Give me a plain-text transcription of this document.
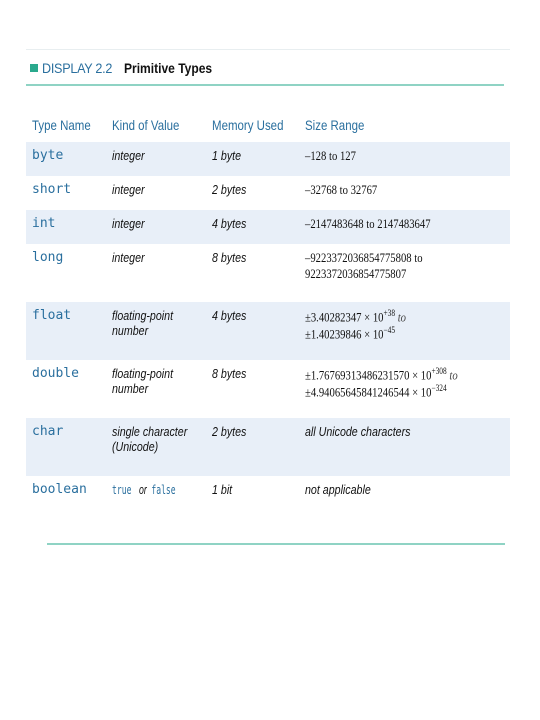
DISPLAY 2.2 Primitive Types
Type Name	Kind of Value	Memory Used	Size Range
byte	integer	1 byte	–128 to 127
short	integer	2 bytes	–32768 to 32767
int	integer	4 bytes	–2147483648 to 2147483647
long	integer	8 bytes	–9223372036854775808 to
9223372036854775807
float	floating-point
number	4 bytes	$\pm 3.40282347 \times 10^{+38}$ to
$\pm 1.40239846 \times 10^{-45}$
double	floating-point
number	8 bytes	$\pm 1.76769313486231570 \times 10^{+308}$ to
$\pm 4.94065645841246544 \times 10^{-324}$
char	single character
(Unicode)	2 bytes	all Unicode characters
boolean	true or false	1 bit	not applicable
